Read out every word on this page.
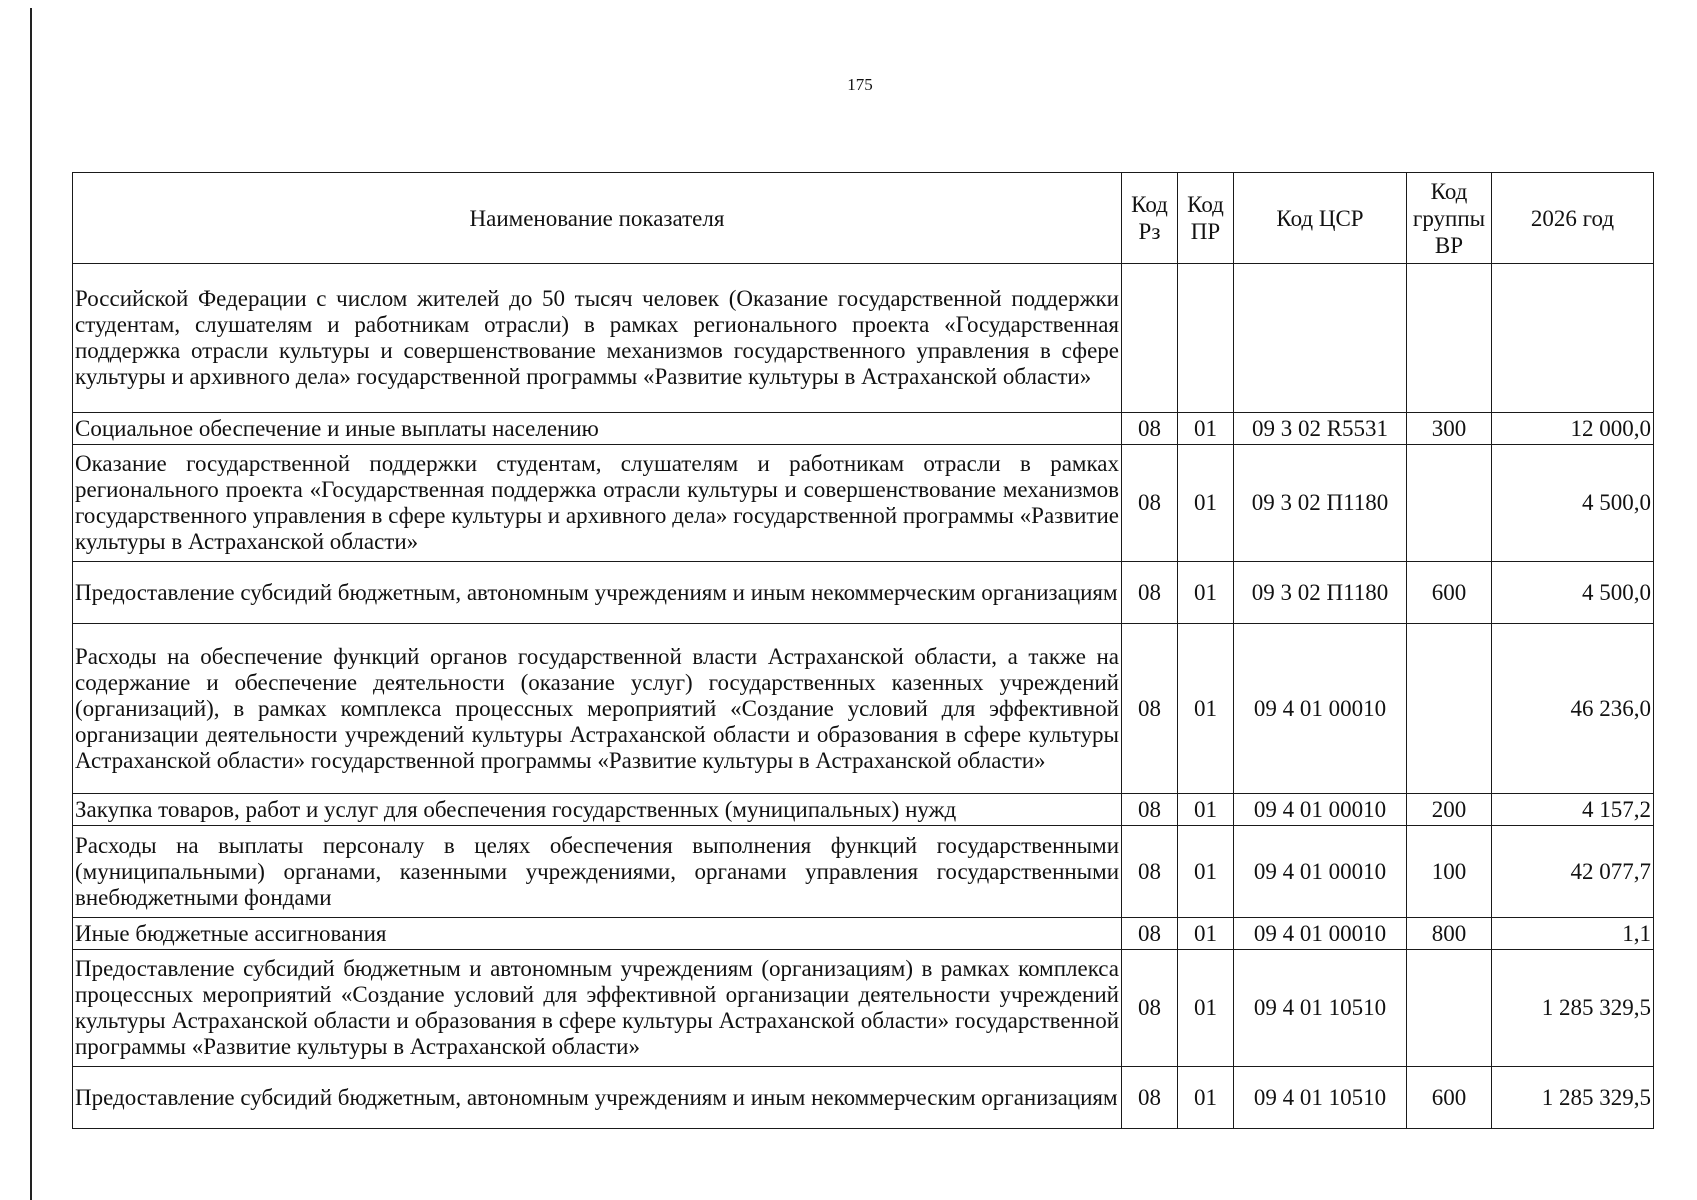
175
Наименование показателя	Код Рз	Код ПР	Код ЦСР	Код группы ВР	2026 год
Российской Федерации с числом жителей до 50 тысяч человек (Оказание государственной поддержки студентам, слушателям и работникам отрасли) в рамках регионального проекта «Государственная поддержка отрасли культуры и совершенствование механизмов государственного управления в сфере культуры и архивного дела» государственной программы «Развитие культуры в Астраханской области»					
Социальное обеспечение и иные выплаты населению	08	01	09 3 02 R5531	300	12 000,0
Оказание государственной поддержки студентам, слушателям и работникам отрасли в рамках регионального проекта «Государственная поддержка отрасли культуры и совершенствование механизмов государственного управления в сфере культуры и архивного дела» государственной программы «Развитие культуры в Астраханской области»	08	01	09 3 02 П1180		4 500,0
Предоставление субсидий бюджетным, автономным учреждениям и иным некоммерческим организациям	08	01	09 3 02 П1180	600	4 500,0
Расходы на обеспечение функций органов государственной власти Астраханской области, а также на содержание и обеспечение деятельности (оказание услуг) государственных казенных учреждений (организаций), в рамках комплекса процессных мероприятий «Создание условий для эффективной организации деятельности учреждений культуры Астраханской области и образования в сфере культуры Астраханской области» государственной программы «Развитие культуры в Астраханской области»	08	01	09 4 01 00010		46 236,0
Закупка товаров, работ и услуг для обеспечения государственных (муниципальных) нужд	08	01	09 4 01 00010	200	4 157,2
Расходы на выплаты персоналу в целях обеспечения выполнения функций государственными (муниципальными) органами, казенными учреждениями, органами управления государственными внебюджетными фондами	08	01	09 4 01 00010	100	42 077,7
Иные бюджетные ассигнования	08	01	09 4 01 00010	800	1,1
Предоставление субсидий бюджетным и автономным учреждениям (организациям) в рамках комплекса процессных мероприятий «Создание условий для эффективной организации деятельности учреждений культуры Астраханской области и образования в сфере культуры Астраханской области» государственной программы «Развитие культуры в Астраханской области»	08	01	09 4 01 10510		1 285 329,5
Предоставление субсидий бюджетным, автономным учреждениям и иным некоммерческим организациям	08	01	09 4 01 10510	600	1 285 329,5
